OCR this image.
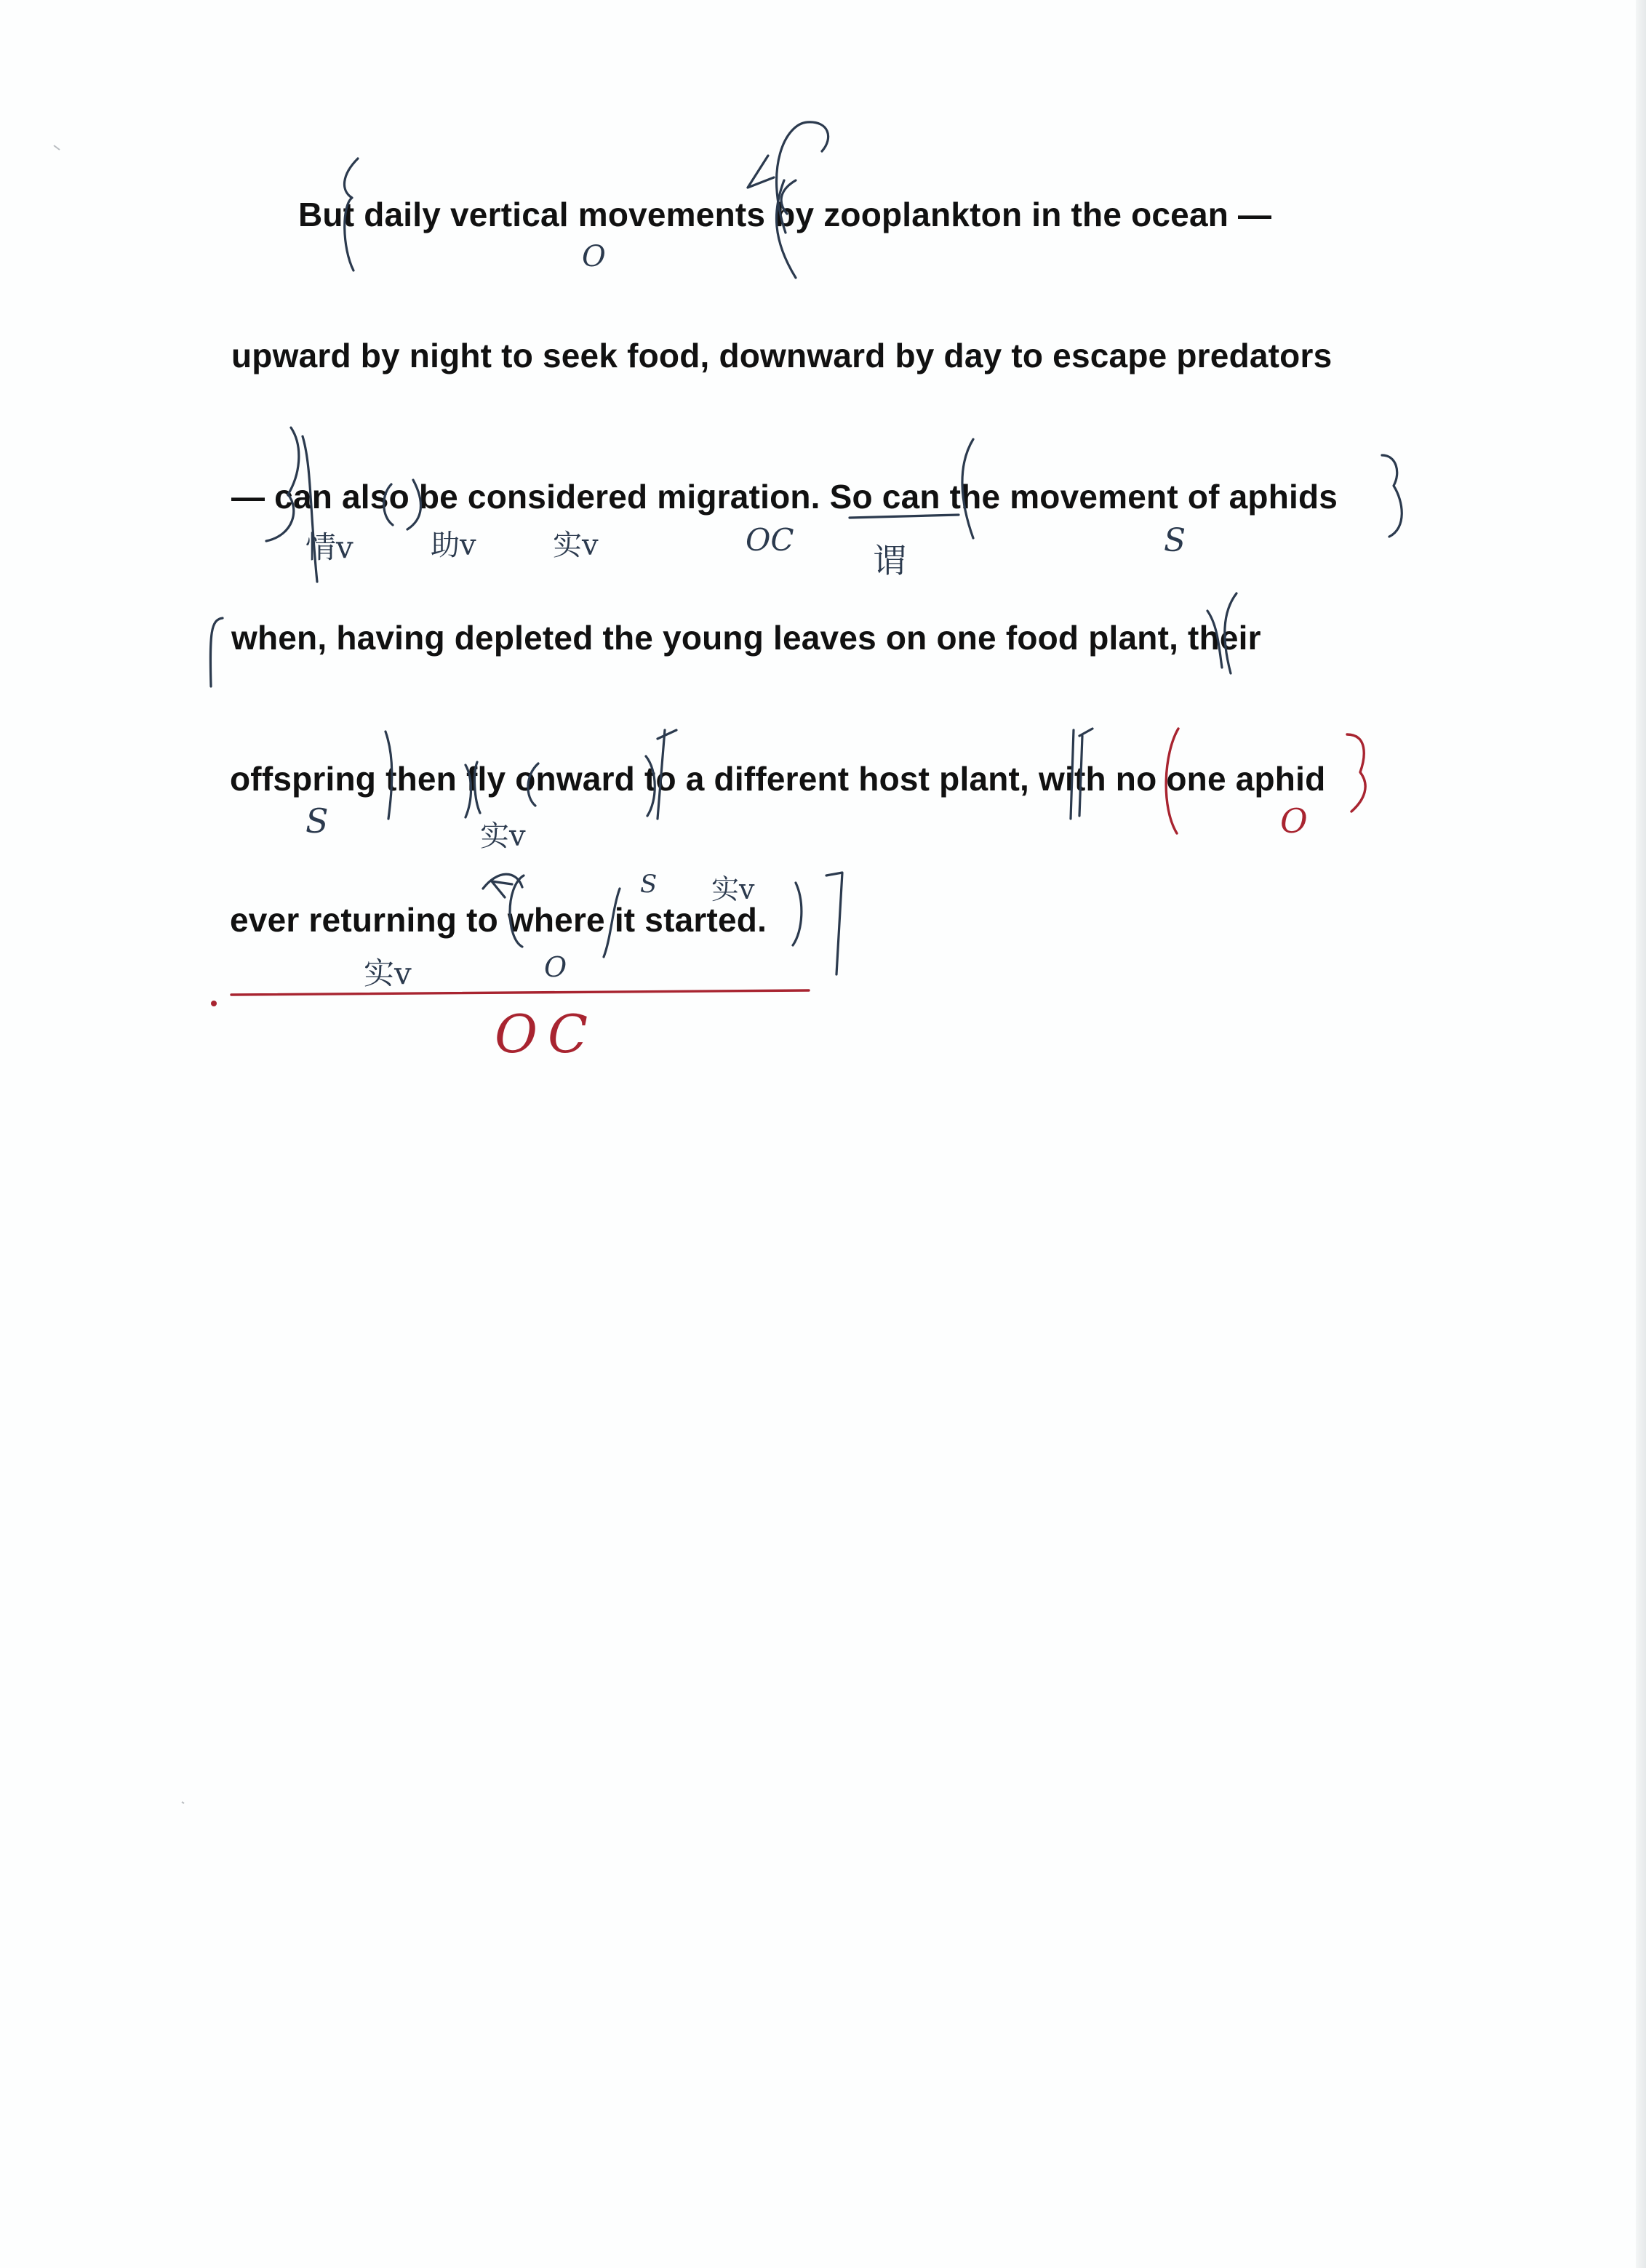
But daily vertical movements by zooplankton in the ocean —
upward by night to seek food, downward by day to escape predators
— can also be considered migration. So can the movement of aphids
when, having depleted the young leaves on one food plant, their
offspring then fly onward to a different host plant, with no one aphid
ever returning to where it started.
O
情v	助v	实v	OC
谓
S
S	实v	O
S 实v
实v	O
OC
